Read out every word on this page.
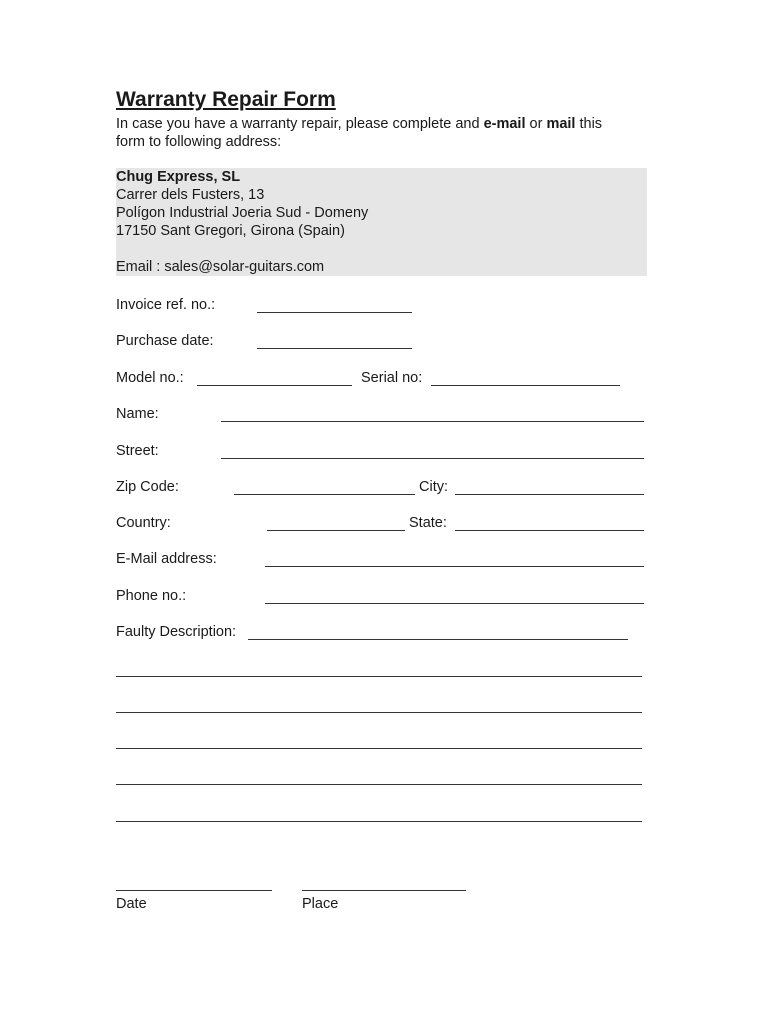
Warranty Repair Form
In case you have a warranty repair, please complete and e-mail or mail this
form to following address:
Chug Express, SL
Carrer dels Fusters, 13
Polígon Industrial Joeria Sud - Domeny
17150 Sant Gregori, Girona (Spain)
Email : sales@solar-guitars.com
Invoice ref. no.:
Purchase date:
Model no.:	Serial no:
Name:
Street:
Zip Code:	City:
Country:	State:
E-Mail address:
Phone no.:
Faulty Description:
Date	Place
